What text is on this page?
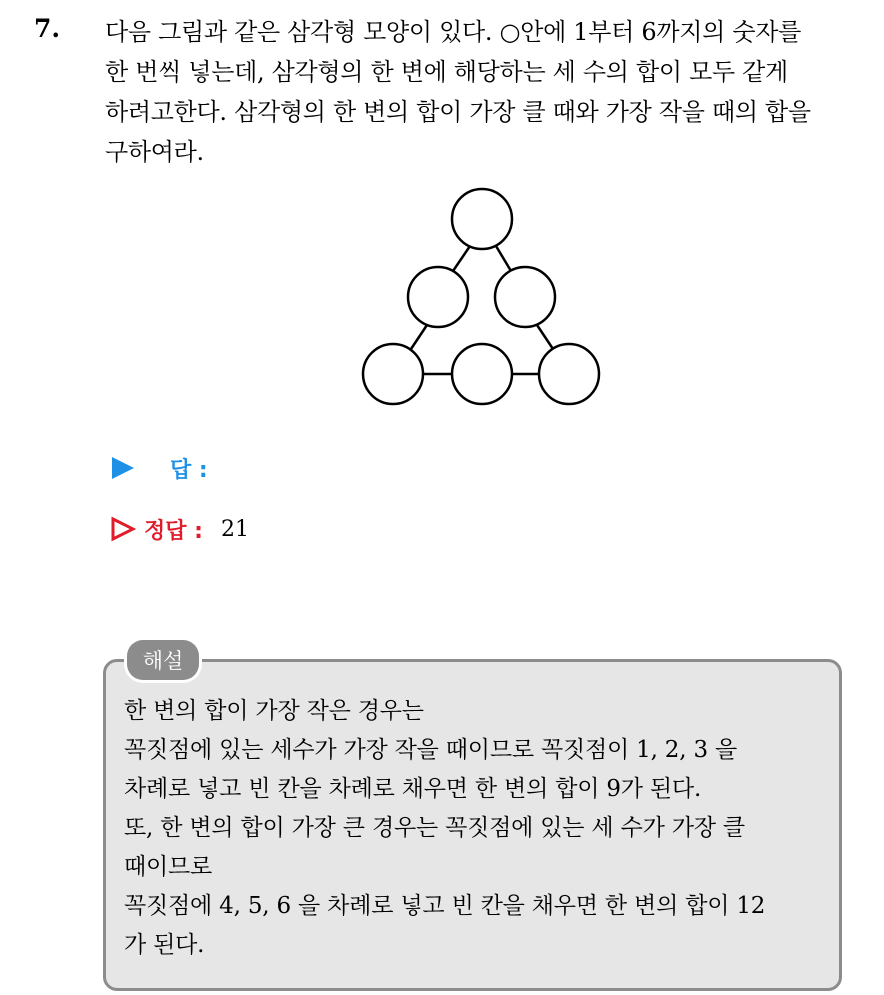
7. 다음 그림과 같은 삼각형 모양이 있다. ○안에 1부터 6까지의 숫자를
한 번씩 넣는데, 삼각형의 한 변에 해당하는 세 수의 합이 모두 같게
하려고한다. 삼각형의 한 변의 합이 가장 클 때와 가장 작을 때의 합을
구하여라.
답 :
정답 : 21
해설
한 변의 합이 가장 작은 경우는
꼭짓점에 있는 세수가 가장 작을 때이므로 꼭짓점이 1, 2, 3 을
차례로 넣고 빈 칸을 차례로 채우면 한 변의 합이 9가 된다.
또, 한 변의 합이 가장 큰 경우는 꼭짓점에 있는 세 수가 가장 클
때이므로
꼭짓점에 4, 5, 6 을 차례로 넣고 빈 칸을 채우면 한 변의 합이 12
가 된다.
